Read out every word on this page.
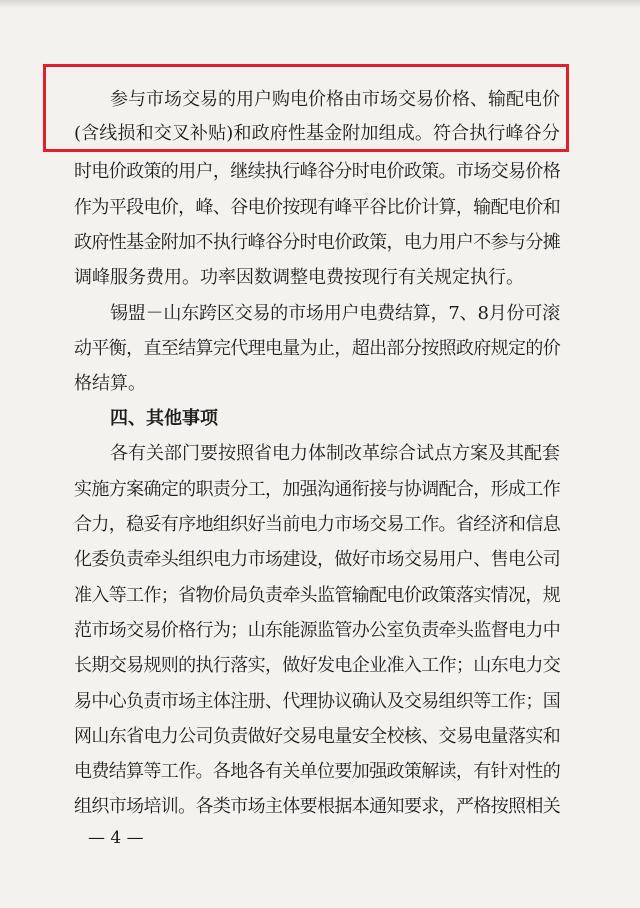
参与市场交易的用户购电价格由市场交易价格、输配电价
(含线损和交叉补贴)和政府性基金附加组成。符合执行峰谷分
时电价政策的用户，继续执行峰谷分时电价政策。市场交易价格
作为平段电价，峰、谷电价按现有峰平谷比价计算，输配电价和
政府性基金附加不执行峰谷分时电价政策，电力用户不参与分摊
调峰服务费用。功率因数调整电费按现行有关规定执行。
锡盟－山东跨区交易的市场用户电费结算，7、8月份可滚
动平衡，直至结算完代理电量为止，超出部分按照政府规定的价
格结算。
四、其他事项
各有关部门要按照省电力体制改革综合试点方案及其配套
实施方案确定的职责分工，加强沟通衔接与协调配合，形成工作
合力，稳妥有序地组织好当前电力市场交易工作。省经济和信息
化委负责牵头组织电力市场建设，做好市场交易用户、售电公司
准入等工作；省物价局负责牵头监管输配电价政策落实情况，规
范市场交易价格行为；山东能源监管办公室负责牵头监督电力中
长期交易规则的执行落实，做好发电企业准入工作；山东电力交
易中心负责市场主体注册、代理协议确认及交易组织等工作；国
网山东省电力公司负责做好交易电量安全校核、交易电量落实和
电费结算等工作。各地各有关单位要加强政策解读，有针对性的
组织市场培训。各类市场主体要根据本通知要求，严格按照相关
— 4 —
